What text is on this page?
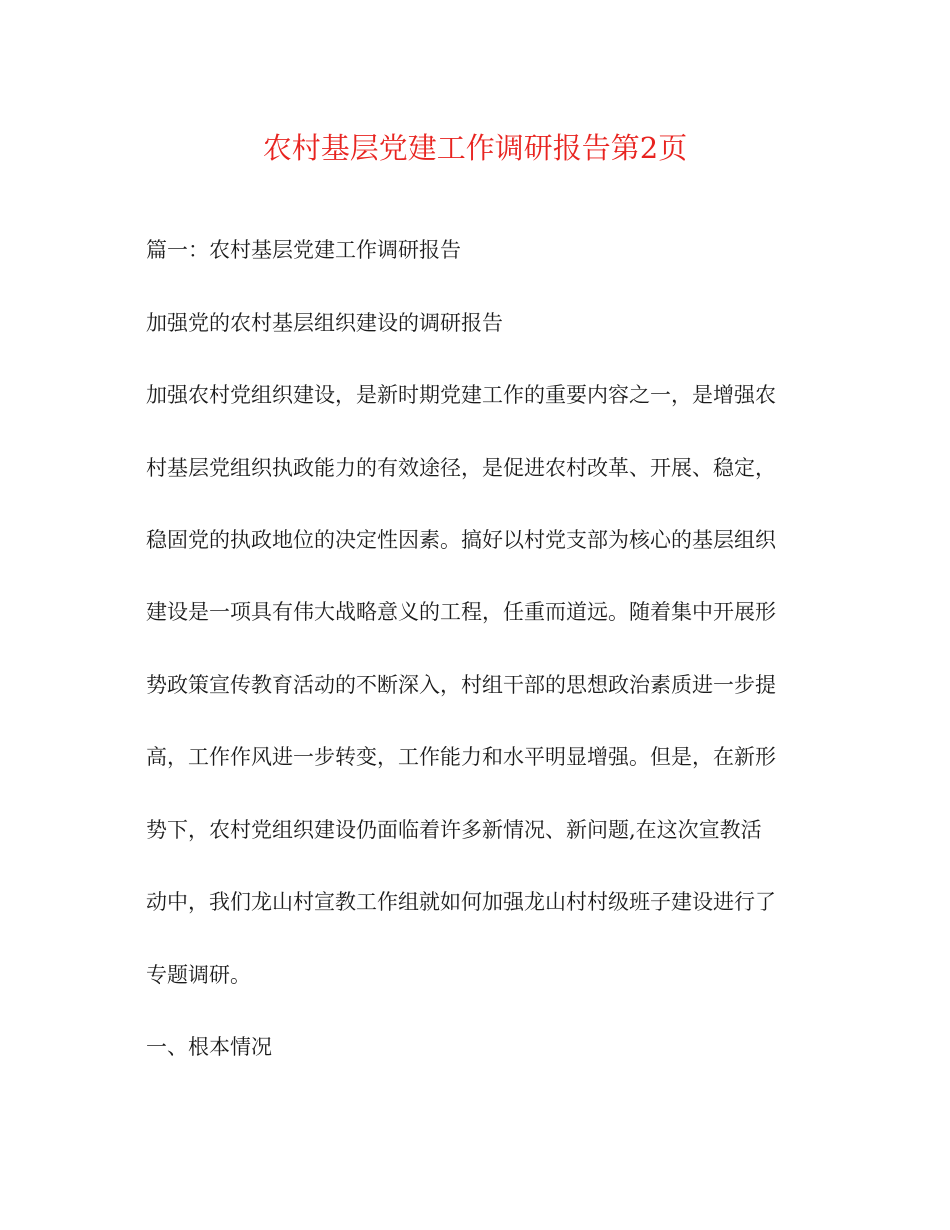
农村基层党建工作调研报告第2页
篇一：农村基层党建工作调研报告
加强党的农村基层组织建设的调研报告
加强农村党组织建设，是新时期党建工作的重要内容之一，是增强农
村基层党组织执政能力的有效途径，是促进农村改革、开展、稳定，
稳固党的执政地位的决定性因素。搞好以村党支部为核心的基层组织
建设是一项具有伟大战略意义的工程，任重而道远。随着集中开展形
势政策宣传教育活动的不断深入，村组干部的思想政治素质进一步提
高，工作作风进一步转变，工作能力和水平明显增强。但是，在新形
势下，农村党组织建设仍面临着许多新情况、新问题,在这次宣教活
动中，我们龙山村宣教工作组就如何加强龙山村村级班子建设进行了
专题调研。
一、根本情况
